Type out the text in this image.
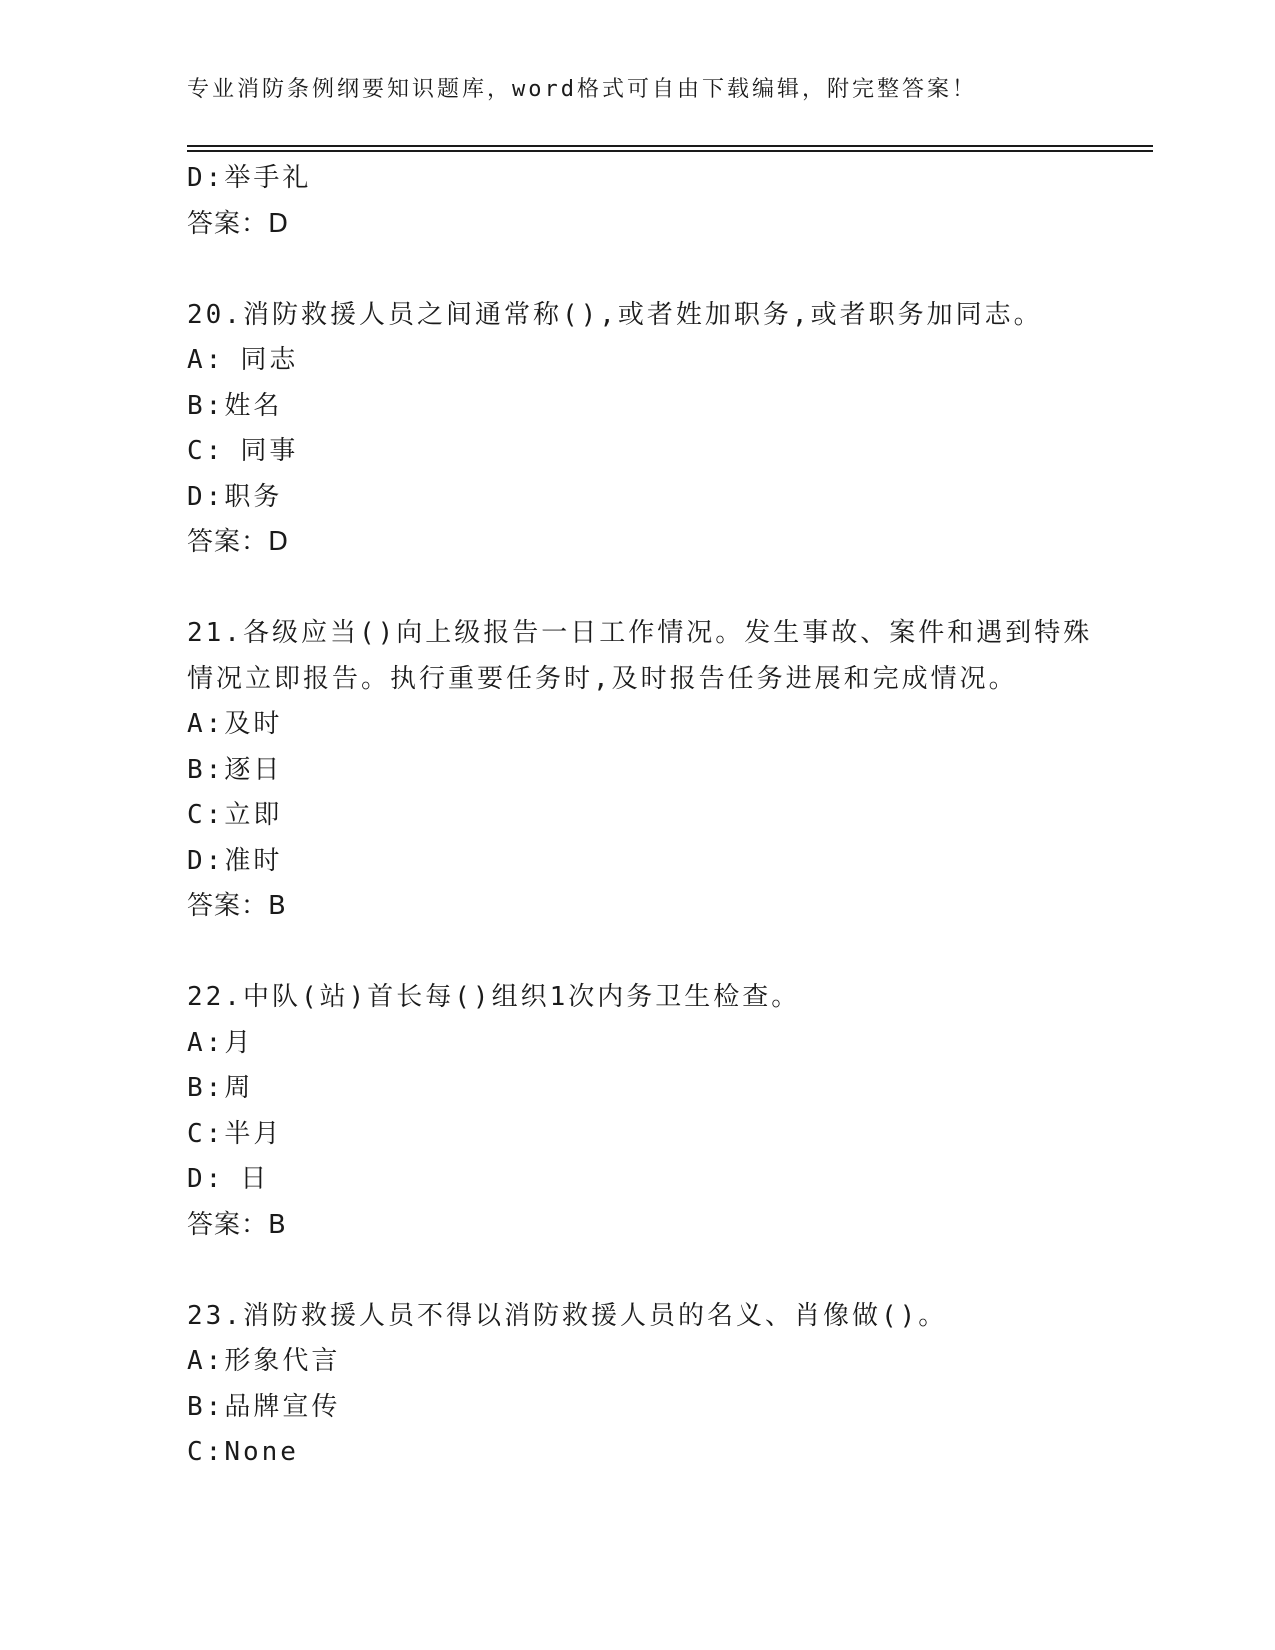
专业消防条例纲要知识题库，word格式可自由下载编辑，附完整答案！
D:举手礼
答案：D
20.消防救援人员之间通常称(),或者姓加职务,或者职务加同志。
A: 同志
B:姓名
C: 同事
D:职务
答案：D
21.各级应当()向上级报告一日工作情况。发生事故、案件和遇到特殊
情况立即报告。执行重要任务时,及时报告任务进展和完成情况。
A:及时
B:逐日
C:立即
D:准时
答案：B
22.中队(站)首长每()组织1次内务卫生检查。
A:月
B:周
C:半月
D: 日
答案：B
23.消防救援人员不得以消防救援人员的名义、肖像做()。
A:形象代言
B:品牌宣传
C:None
